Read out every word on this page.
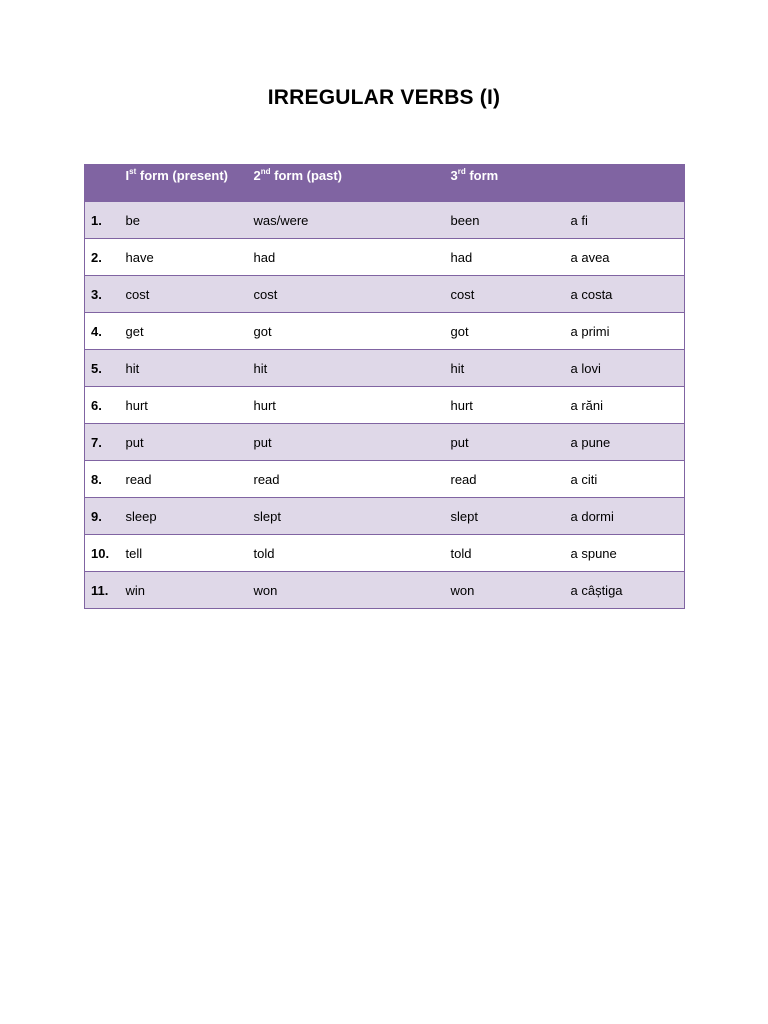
IRREGULAR VERBS (I)
	Ist form (present)	2nd form (past)	3rd form	
1.	be	was/were	been	a fi
2.	have	had	had	a avea
3.	cost	cost	cost	a costa
4.	get	got	got	a primi
5.	hit	hit	hit	a lovi
6.	hurt	hurt	hurt	a răni
7.	put	put	put	a pune
8.	read	read	read	a citi
9.	sleep	slept	slept	a dormi
10.	tell	told	told	a spune
11.	win	won	won	a câștiga
